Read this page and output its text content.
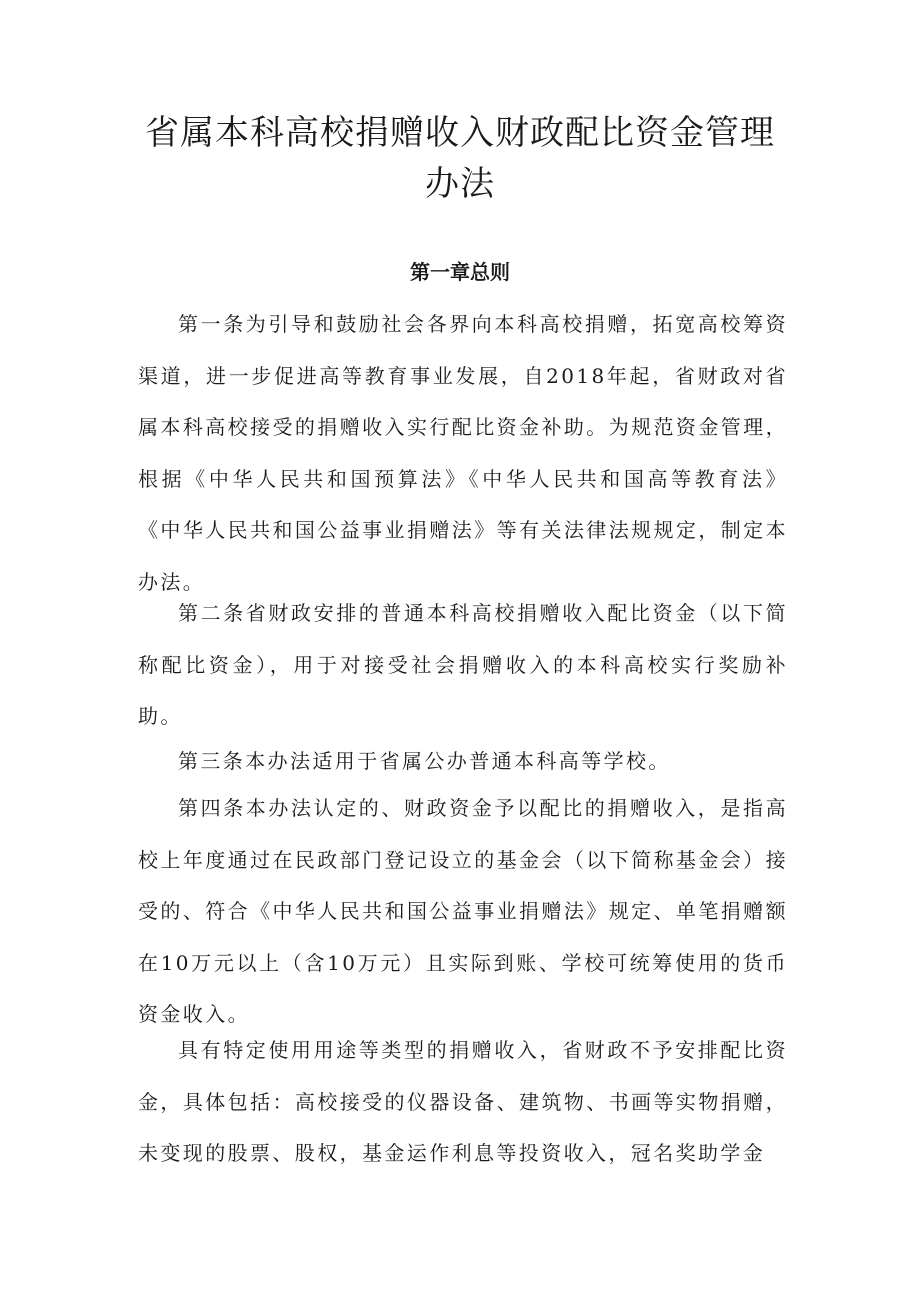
省属本科高校捐赠收入财政配比资金管理办法
第一章总则

第一条为引导和鼓励社会各界向本科高校捐赠，拓宽高校筹资渠道，进一步促进高等教育事业发展，自2018年起，省财政对省属本科高校接受的捐赠收入实行配比资金补助。为规范资金管理，根据《中华人民共和国预算法》《中华人民共和国高等教育法》《中华人民共和国公益事业捐赠法》等有关法律法规规定，制定本办法。

第二条省财政安排的普通本科高校捐赠收入配比资金（以下简称配比资金），用于对接受社会捐赠收入的本科高校实行奖励补助。

第三条本办法适用于省属公办普通本科高等学校。

第四条本办法认定的、财政资金予以配比的捐赠收入，是指高校上年度通过在民政部门登记设立的基金会（以下简称基金会）接受的、符合《中华人民共和国公益事业捐赠法》规定、单笔捐赠额在10万元以上（含10万元）且实际到账、学校可统筹使用的货币资金收入。

具有特定使用用途等类型的捐赠收入，省财政不予安排配比资金，具体包括：高校接受的仪器设备、建筑物、书画等实物捐赠，未变现的股票、股权，基金运作利息等投资收入，冠名奖助学金
